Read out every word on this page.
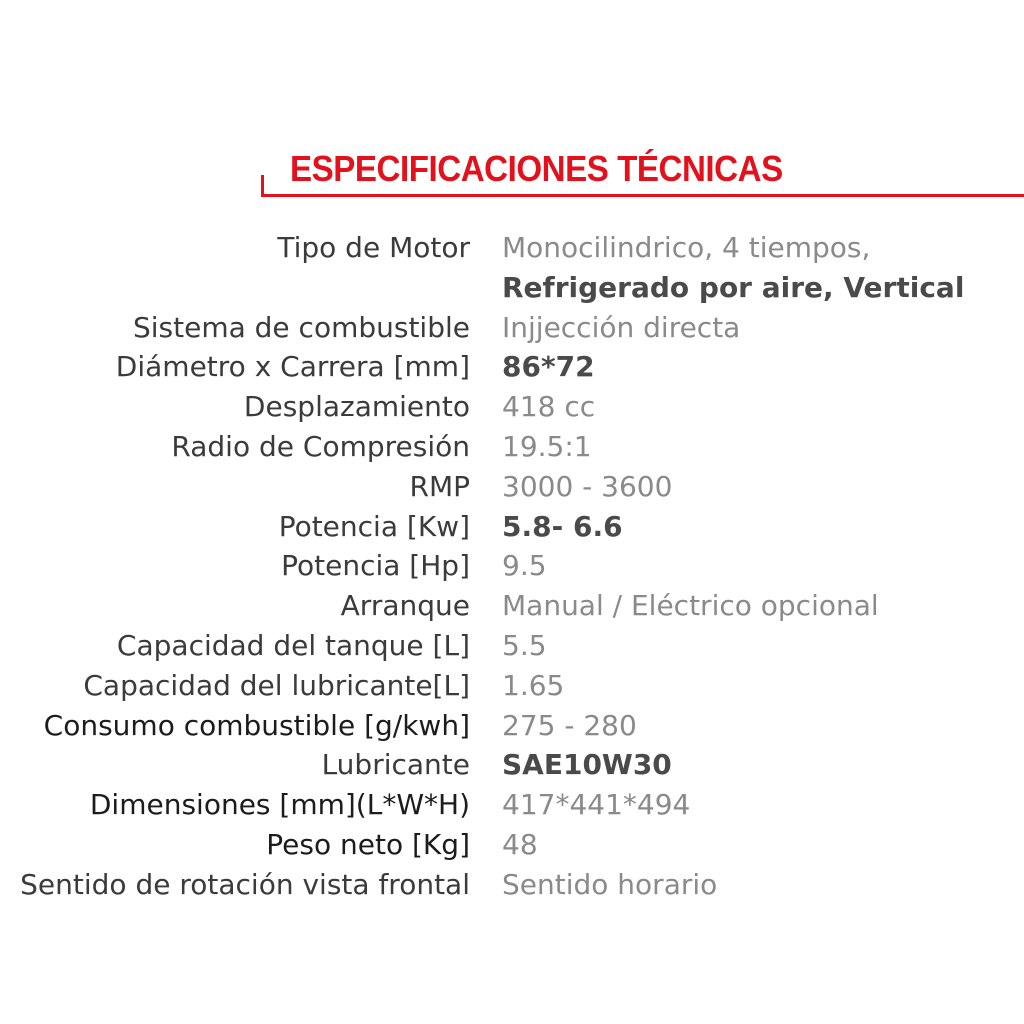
ESPECIFICACIONES TÉCNICAS
Tipo de Motor Monocilindrico, 4 tiempos,
Refrigerado por aire, Vertical
Sistema de combustible Injjección directa
Diámetro x Carrera [mm] 86*72
Desplazamiento 418 cc
Radio de Compresión 19.5:1
RMP 3000 - 3600
Potencia [Kw] 5.8- 6.6
Potencia [Hp] 9.5
Arranque Manual / Eléctrico opcional
Capacidad del tanque [L] 5.5
Capacidad del lubricante[L] 1.65
Consumo combustible [g/kwh] 275 - 280
Lubricante SAE10W30
Dimensiones [mm](L*W*H) 417*441*494
Peso neto [Kg] 48
Sentido de rotación vista frontal Sentido horario
